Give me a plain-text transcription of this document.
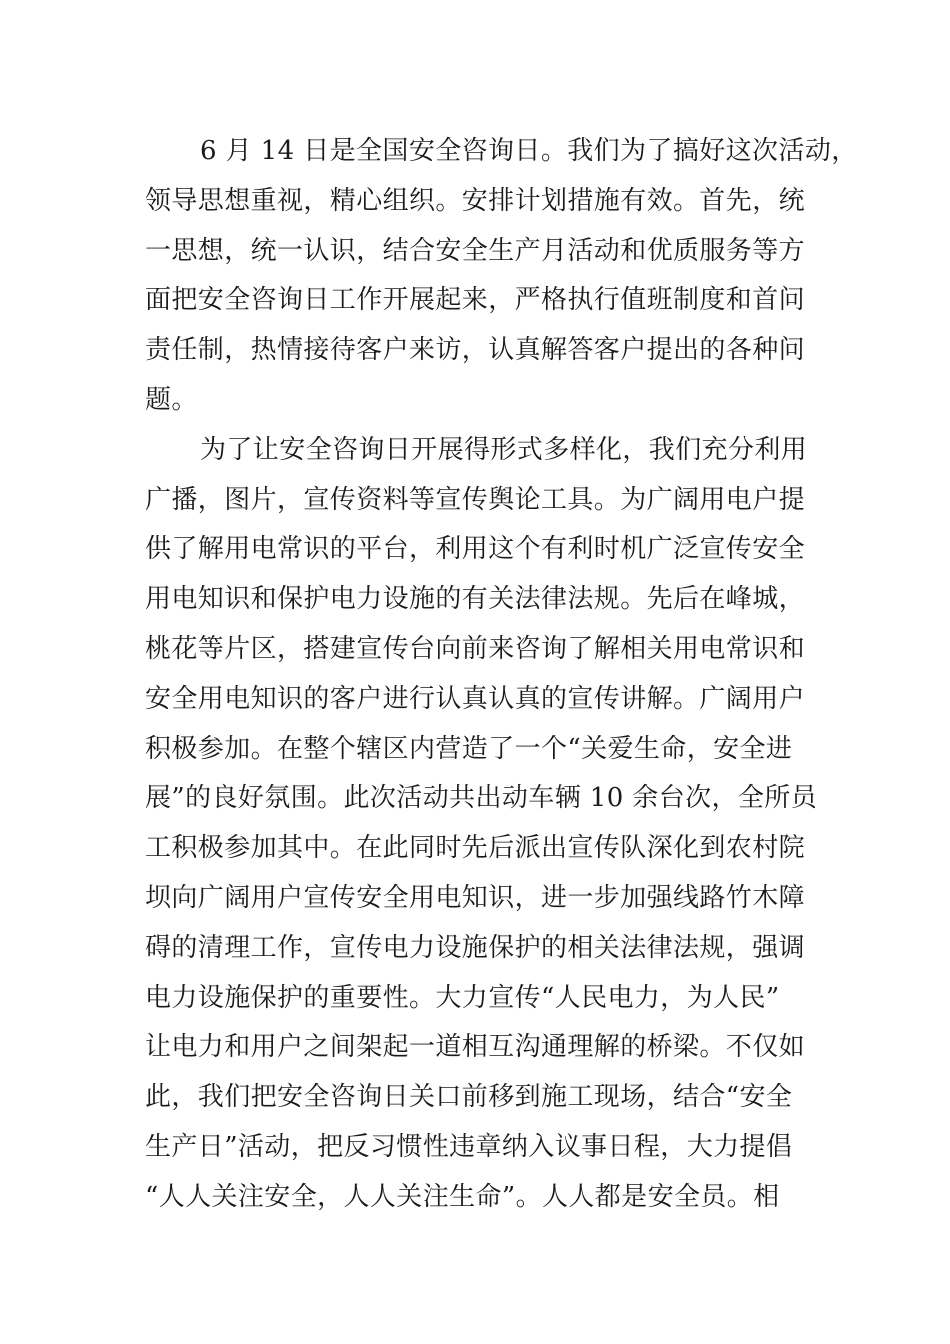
6 月 14 日是全国安全咨询日。我们为了搞好这次活动，
领导思想重视，精心组织。安排计划措施有效。首先，统
一思想，统一认识，结合安全生产月活动和优质服务等方
面把安全咨询日工作开展起来，严格执行值班制度和首问
责任制，热情接待客户来访，认真解答客户提出的各种问
题。
为了让安全咨询日开展得形式多样化，我们充分利用
广播，图片，宣传资料等宣传舆论工具。为广阔用电户提
供了解用电常识的平台，利用这个有利时机广泛宣传安全
用电知识和保护电力设施的有关法律法规。先后在峰城，
桃花等片区，搭建宣传台向前来咨询了解相关用电常识和
安全用电知识的客户进行认真认真的宣传讲解。广阔用户
积极参加。在整个辖区内营造了一个“关爱生命，安全进
展”的良好氛围。此次活动共出动车辆 10 余台次，全所员
工积极参加其中。在此同时先后派出宣传队深化到农村院
坝向广阔用户宣传安全用电知识，进一步加强线路竹木障
碍的清理工作，宣传电力设施保护的相关法律法规，强调
电力设施保护的重要性。大力宣传“人民电力，为人民”
让电力和用户之间架起一道相互沟通理解的桥梁。不仅如
此，我们把安全咨询日关口前移到施工现场，结合“安全
生产日”活动，把反习惯性违章纳入议事日程，大力提倡
“人人关注安全，人人关注生命”。人人都是安全员。相
